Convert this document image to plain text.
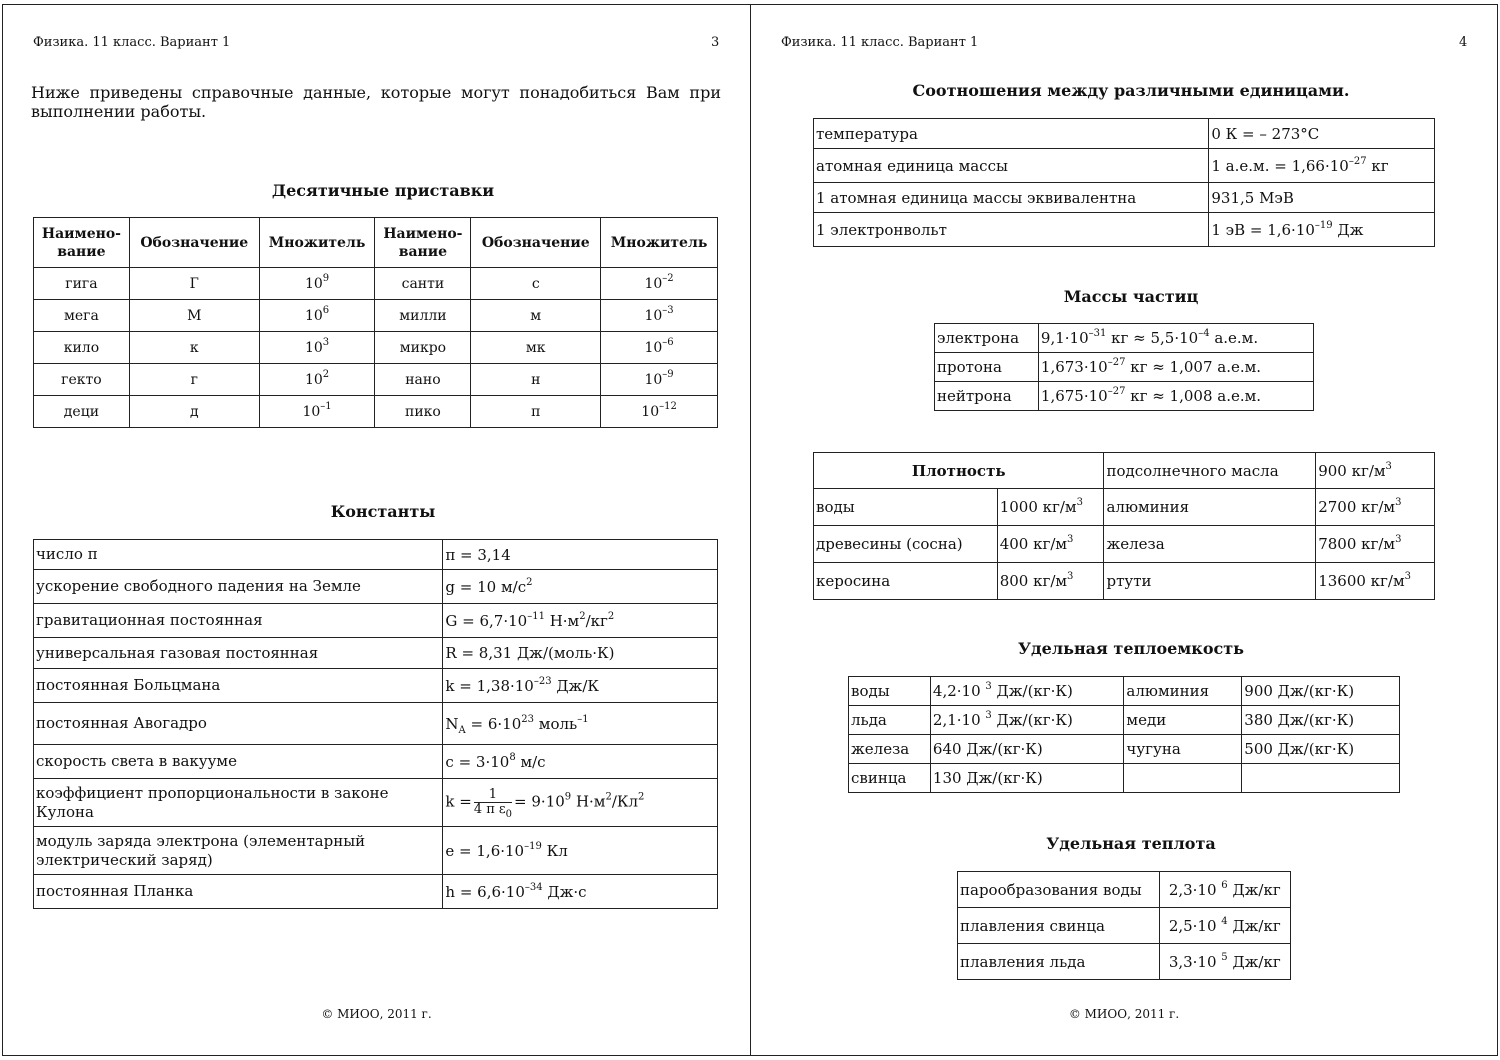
Физика. 11 класс. Вариант 1	3
Ниже приведены справочные данные, которые могут понадобиться Вам при выполнении работы.
Десятичные приставки
Наимено-вание	Обозначение	Множитель	Наимено-вание	Обозначение	Множитель
гига	Г	$10^9$	санти	с	$10^{-2}$
мега	М	$10^6$	милли	м	$10^{-3}$
кило	к	$10^3$	микро	мк	$10^{-6}$
гекто	г	$10^2$	нано	н	$10^{-9}$
деци	д	$10^{-1}$	пико	п	$10^{-12}$
Константы
число π	π = 3,14
ускорение свободного падения на Земле	g = 10 $м/с^2$
гравитационная постоянная	$G = 6,7\cdot 10^{-11}$ $Н\cdot м^2/кг^2$
универсальная газовая постоянная	R = 8,31 Дж/(моль·К)
постоянная Больцмана	$k = 1,38\cdot 10^{-23}$ Дж/К
постоянная Авогадро	$N_A = 6\cdot 10^{23}$ моль$^{-1}$
скорость света в вакууме	$c = 3\cdot 10^8$ м/с
коэффициент пропорциональности в законе Кулона	$k = \frac{1}{4 \pi \varepsilon_0} = 9\cdot 10^9$ $Н\cdot м^2/Кл^2$
модуль заряда электрона (элементарный электрический заряд)	$e = 1,6\cdot 10^{-19}$ Кл
постоянная Планка	$h = 6,6\cdot 10^{-34}$ Дж·с
© МИОО, 2011 г.
Физика. 11 класс. Вариант 1	4
Соотношения между различными единицами.
температура	0 К = – 273°С
атомная единица массы	1 а.е.м. = $1,66\cdot 10^{-27}$ кг
1 атомная единица массы эквивалентна	931,5 МэВ
1 электронвольт	1 эВ = $1,6\cdot 10^{-19}$ Дж
Массы частиц
электрона	$9,1\cdot 10^{-31}$ кг ≈ $5,5\cdot 10^{-4}$ а.е.м.
протона	$1,673\cdot 10^{-27}$ кг ≈ 1,007 а.е.м.
нейтрона	$1,675\cdot 10^{-27}$ кг ≈ 1,008 а.е.м.
Плотность		подсолнечного масла	900 $кг/м^3$
воды	1000 $кг/м^3$	алюминия	2700 $кг/м^3$
древесины (сосна)	400 $кг/м^3$	железа	7800 $кг/м^3$
керосина	800 $кг/м^3$	ртути	13600 $кг/м^3$
Удельная теплоемкость
воды	4,2·10 $^3$ Дж/(кг·К)	алюминия	900 Дж/(кг·К)
льда	2,1·10 $^3$ Дж/(кг·К)	меди	380 Дж/(кг·К)
железа	640 Дж/(кг·К)	чугуна	500 Дж/(кг·К)
свинца	130 Дж/(кг·К)		
Удельная теплота
парообразования воды	2,3·10 $^6$ Дж/кг
плавления свинца	2,5·10 $^4$ Дж/кг
плавления льда	3,3·10 $^5$ Дж/кг
© МИОО, 2011 г.
